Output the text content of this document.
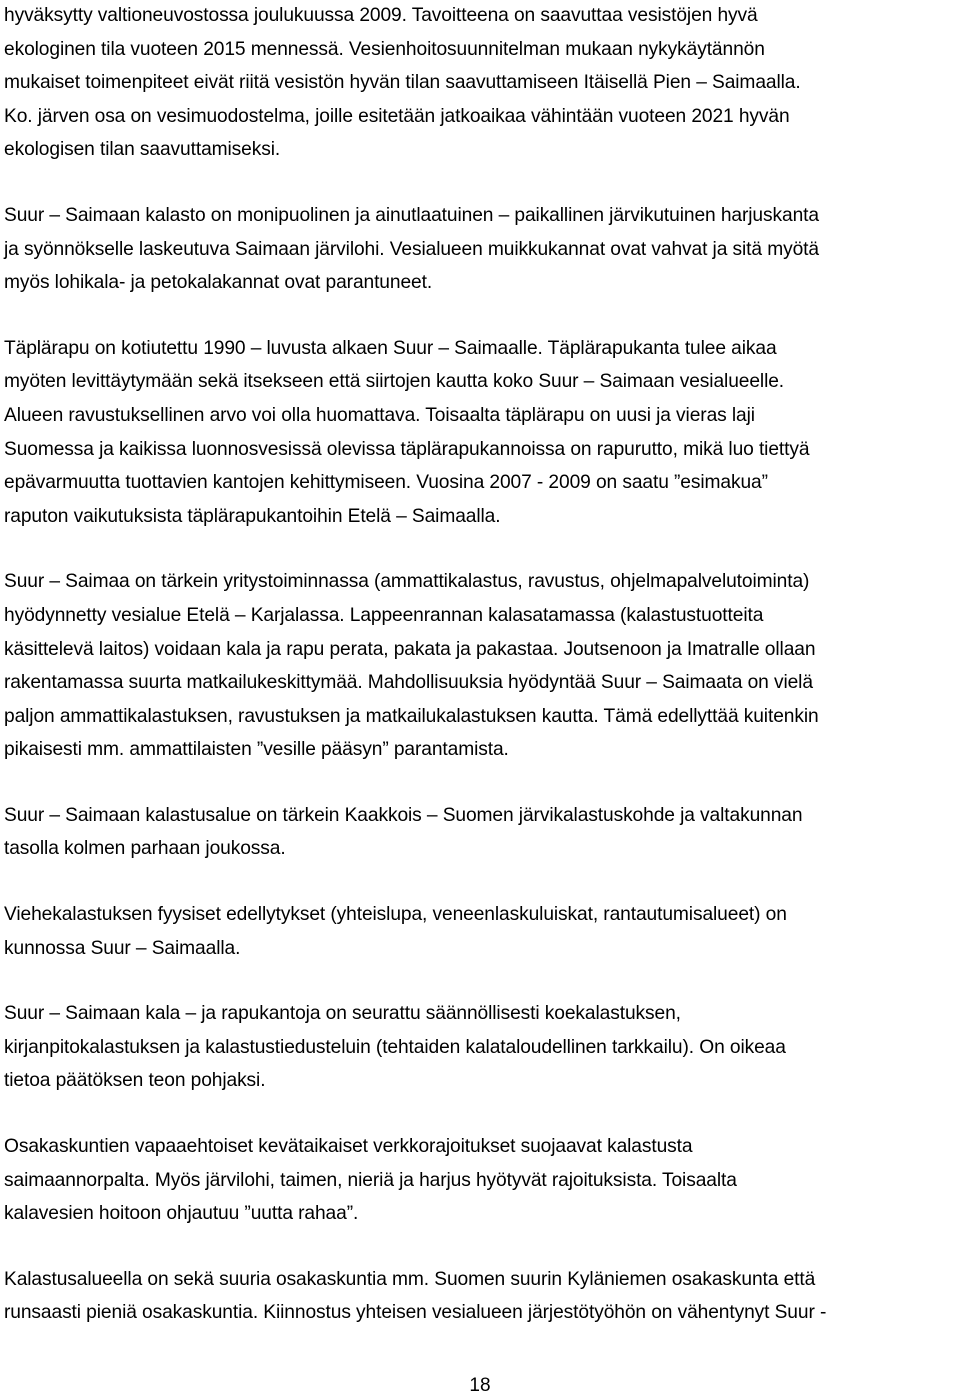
hyväksytty valtioneuvostossa joulukuussa 2009. Tavoitteena on saavuttaa vesistöjen hyvä
ekologinen tila vuoteen 2015 mennessä. Vesienhoitosuunnitelman mukaan nykykäytännön
mukaiset toimenpiteet eivät riitä vesistön hyvän tilan saavuttamiseen Itäisellä Pien – Saimaalla.
Ko. järven osa on vesimuodostelma, joille esitetään jatkoaikaa vähintään vuoteen 2021 hyvän
ekologisen tilan saavuttamiseksi.

Suur – Saimaan kalasto on monipuolinen ja ainutlaatuinen – paikallinen järvikutuinen harjuskanta
ja syönnökselle laskeutuva Saimaan järvilohi. Vesialueen muikkukannat ovat vahvat ja sitä myötä
myös lohikala- ja petokalakannat ovat parantuneet.

Täplärapu on kotiutettu 1990 – luvusta alkaen Suur – Saimaalle. Täplärapukanta tulee aikaa
myöten levittäytymään sekä itsekseen että siirtojen kautta koko Suur – Saimaan vesialueelle.
Alueen ravustuksellinen arvo voi olla huomattava. Toisaalta täplärapu on uusi ja vieras laji
Suomessa ja kaikissa luonnosvesissä olevissa täplärapukannoissa on rapurutto, mikä luo tiettyä
epävarmuutta tuottavien kantojen kehittymiseen. Vuosina 2007 - 2009 on saatu ”esimakua”
raputon vaikutuksista täplärapukantoihin Etelä – Saimaalla.

Suur – Saimaa on tärkein yritystoiminnassa (ammattikalastus, ravustus, ohjelmapalvelutoiminta)
hyödynnetty vesialue Etelä – Karjalassa. Lappeenrannan kalasatamassa (kalastustuotteita
käsittelevä laitos) voidaan kala ja rapu perata, pakata ja pakastaa. Joutsenoon ja Imatralle ollaan
rakentamassa suurta matkailukeskittymää. Mahdollisuuksia hyödyntää Suur – Saimaata on vielä
paljon ammattikalastuksen, ravustuksen ja matkailukalastuksen kautta. Tämä edellyttää kuitenkin
pikaisesti mm. ammattilaisten ”vesille pääsyn” parantamista.

Suur – Saimaan kalastusalue on tärkein Kaakkois – Suomen järvikalastuskohde ja valtakunnan
tasolla kolmen parhaan joukossa.

Viehekalastuksen fyysiset edellytykset (yhteislupa, veneenlaskuluiskat, rantautumisalueet) on
kunnossa Suur – Saimaalla.

Suur – Saimaan kala – ja rapukantoja on seurattu säännöllisesti koekalastuksen,
kirjanpitokalastuksen ja kalastustiedusteluin (tehtaiden kalataloudellinen tarkkailu). On oikeaa
tietoa päätöksen teon pohjaksi.

Osakaskuntien vapaaehtoiset kevätaikaiset verkkorajoitukset suojaavat kalastusta
saimaannorpalta. Myös järvilohi, taimen, nieriä ja harjus hyötyvät rajoituksista. Toisaalta
kalavesien hoitoon ohjautuu ”uutta rahaa”.

Kalastusalueella on sekä suuria osakaskuntia mm. Suomen suurin Kyläniemen osakaskunta että
runsaasti pieniä osakaskuntia. Kiinnostus yhteisen vesialueen järjestötyöhön on vähentynyt Suur -

18
